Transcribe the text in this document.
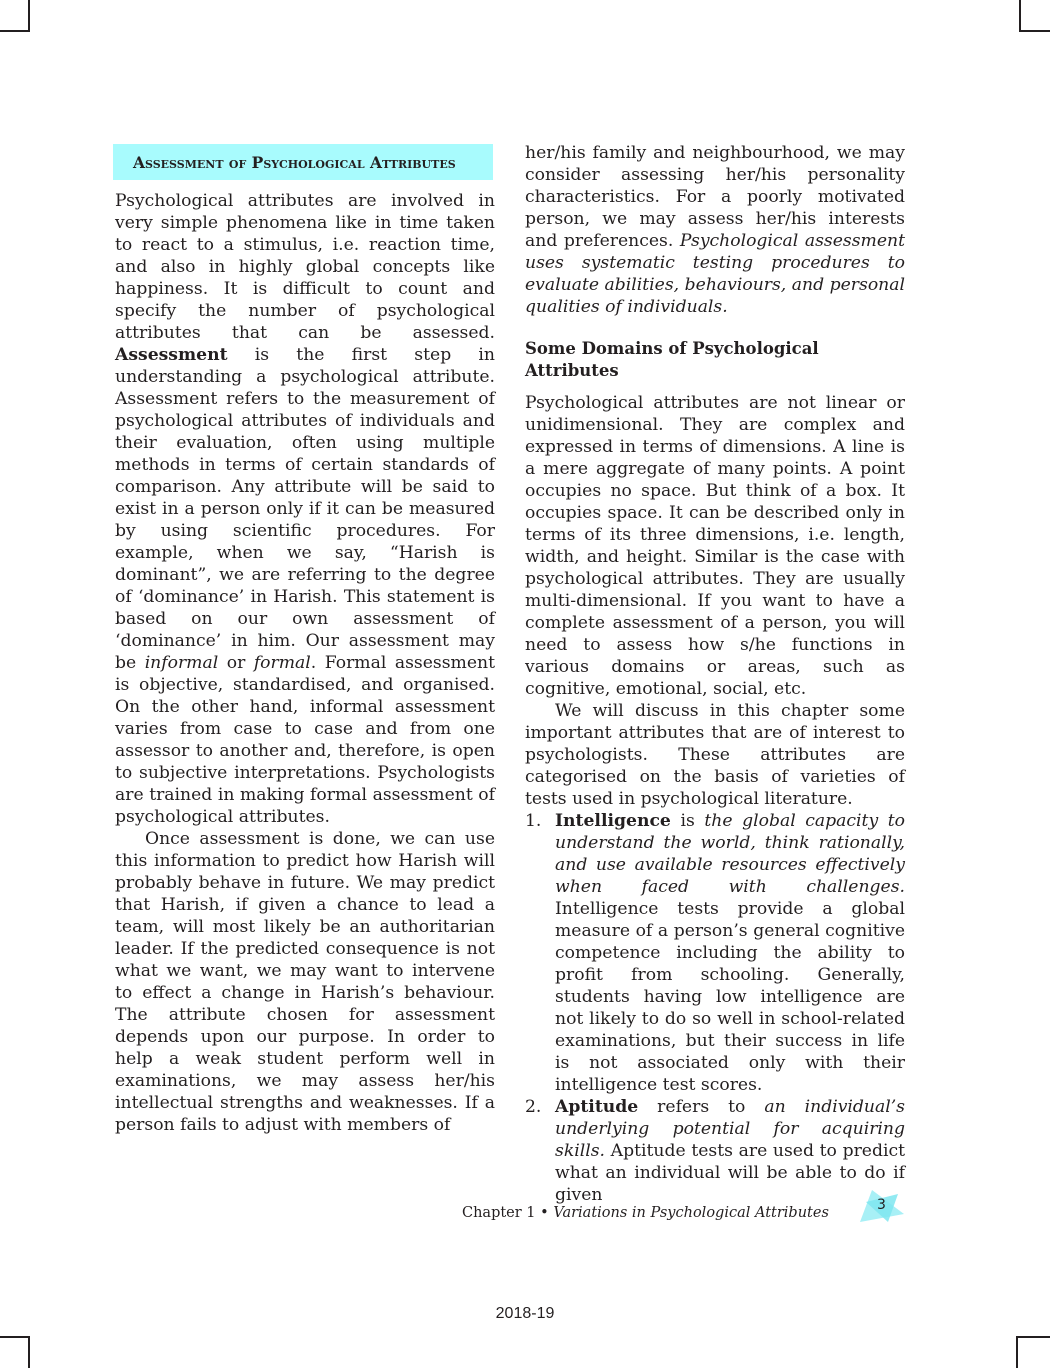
Assessment of Psychological Attributes

Psychological attributes are involved in very simple phenomena like in time taken to react to a stimulus, i.e. reaction time, and also in highly global concepts like happiness. It is difficult to count and specify the number of psychological attributes that can be assessed. Assessment is the first step in understanding a psychological attribute. Assessment refers to the measurement of psychological attributes of individuals and their evaluation, often using multiple methods in terms of certain standards of comparison. Any attribute will be said to exist in a person only if it can be measured by using scientific procedures. For example, when we say, “Harish is dominant”, we are referring to the degree of ‘dominance’ in Harish. This statement is based on our own assessment of ‘dominance’ in him. Our assessment may be informal or formal. Formal assessment is objective, standardised, and organised. On the other hand, informal assessment varies from case to case and from one assessor to another and, therefore, is open to subjective interpretations. Psychologists are trained in making formal assessment of psychological attributes.

Once assessment is done, we can use this information to predict how Harish will probably behave in future. We may predict that Harish, if given a chance to lead a team, will most likely be an authoritarian leader. If the predicted consequence is not what we want, we may want to intervene to effect a change in Harish’s behaviour. The attribute chosen for assessment depends upon our purpose. In order to help a weak student perform well in examinations, we may assess her/his intellectual strengths and weaknesses. If a person fails to adjust with members of

her/his family and neighbourhood, we may consider assessing her/his personality characteristics. For a poorly motivated person, we may assess her/his interests and preferences. Psychological assessment uses systematic testing procedures to evaluate abilities, behaviours, and personal qualities of individuals.

Some Domains of Psychological Attributes

Psychological attributes are not linear or unidimensional. They are complex and expressed in terms of dimensions. A line is a mere aggregate of many points. A point occupies no space. But think of a box. It occupies space. It can be described only in terms of its three dimensions, i.e. length, width, and height. Similar is the case with psychological attributes. They are usually multi-dimensional. If you want to have a complete assessment of a person, you will need to assess how s/he functions in various domains or areas, such as cognitive, emotional, social, etc.

We will discuss in this chapter some important attributes that are of interest to psychologists. These attributes are categorised on the basis of varieties of tests used in psychological literature.

1. Intelligence is the global capacity to understand the world, think rationally, and use available resources effectively when faced with challenges. Intelligence tests provide a global measure of a person’s general cognitive competence including the ability to profit from schooling. Generally, students having low intelligence are not likely to do so well in school-related examinations, but their success in life is not associated only with their intelligence test scores.
2. Aptitude refers to an individual’s underlying potential for acquiring skills. Aptitude tests are used to predict what an individual will be able to do if given
Chapter 1 • Variations in Psychological Attributes	3
2018-19
